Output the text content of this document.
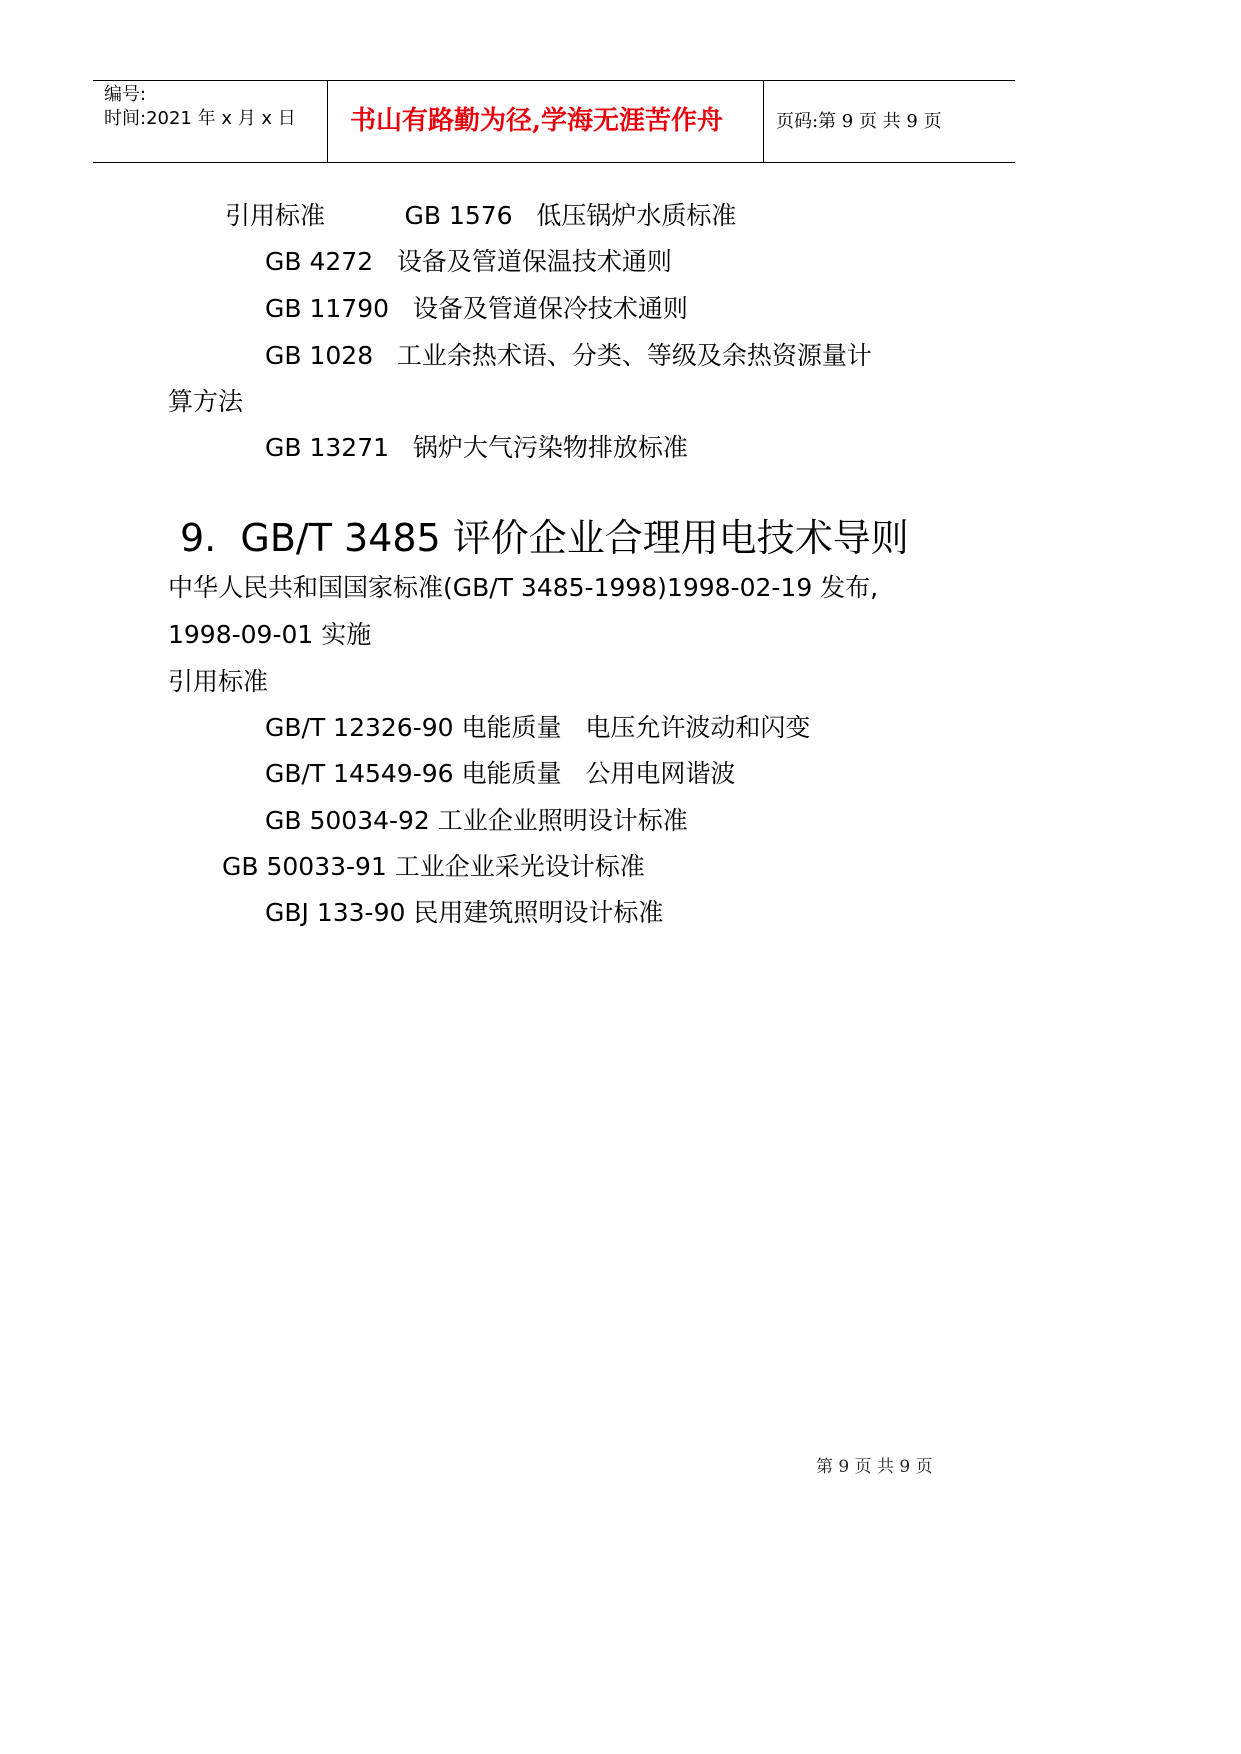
编号:
时间:2021 年 x 月 x 日 书山有路勤为径,学海无涯苦作舟	页码:第 9 页 共 9 页
引用标准          GB 1576   低压锅炉水质标准
GB 4272   设备及管道保温技术通则
GB 11790   设备及管道保冷技术通则
GB 1028   工业余热术语、分类、等级及余热资源量计
算方法
GB 13271   锅炉大气污染物排放标准
9.  GB/T 3485 评价企业合理用电技术导则
中华人民共和国国家标准(GB/T 3485-1998)1998-02-19 发布,
1998-09-01 实施
引用标准
GB/T 12326-90 电能质量   电压允许波动和闪变
GB/T 14549-96 电能质量   公用电网谐波
GB 50034-92 工业企业照明设计标准
GB 50033-91 工业企业采光设计标准
GBJ 133-90 民用建筑照明设计标准
第 9 页 共 9 页
